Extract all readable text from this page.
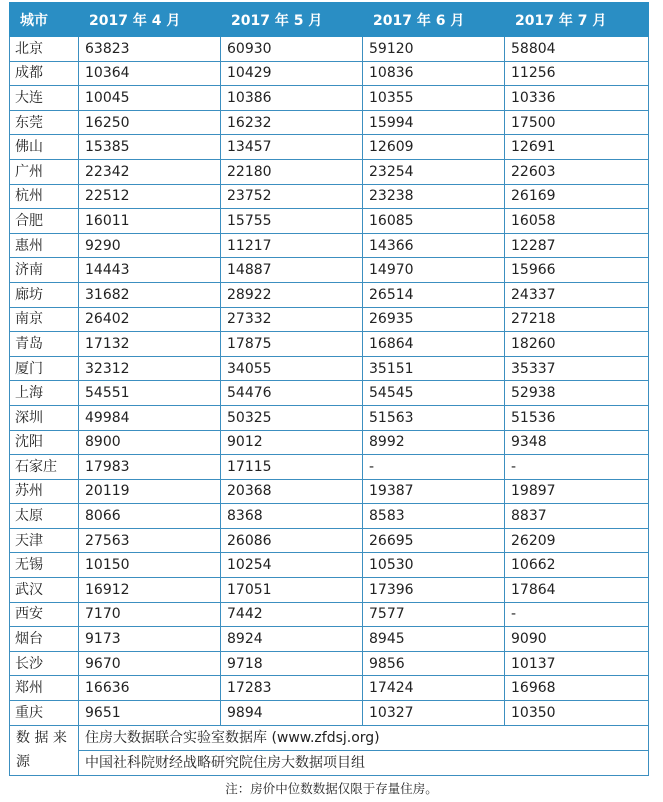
城市	2017 年 4 月	2017 年 5 月	2017 年 6 月	2017 年 7 月
北京	63823	60930	59120	58804
成都	10364	10429	10836	11256
大连	10045	10386	10355	10336
东莞	16250	16232	15994	17500
佛山	15385	13457	12609	12691
广州	22342	22180	23254	22603
杭州	22512	23752	23238	26169
合肥	16011	15755	16085	16058
惠州	9290	11217	14366	12287
济南	14443	14887	14970	15966
廊坊	31682	28922	26514	24337
南京	26402	27332	26935	27218
青岛	17132	17875	16864	18260
厦门	32312	34055	35151	35337
上海	54551	54476	54545	52938
深圳	49984	50325	51563	51536
沈阳	8900	9012	8992	9348
石家庄	17983	17115	-	-
苏州	20119	20368	19387	19897
太原	8066	8368	8583	8837
天津	27563	26086	26695	26209
无锡	10150	10254	10530	10662
武汉	16912	17051	17396	17864
西安	7170	7442	7577	-
烟台	9173	8924	8945	9090
长沙	9670	9718	9856	10137
郑州	16636	17283	17424	16968
重庆	9651	9894	10327	10350
数 据 来 源	住房大数据联合实验室数据库 (www.zfdsj.org)			
	中国社科院财经战略研究院住房大数据项目组			
注：房价中位数数据仅限于存量住房。
